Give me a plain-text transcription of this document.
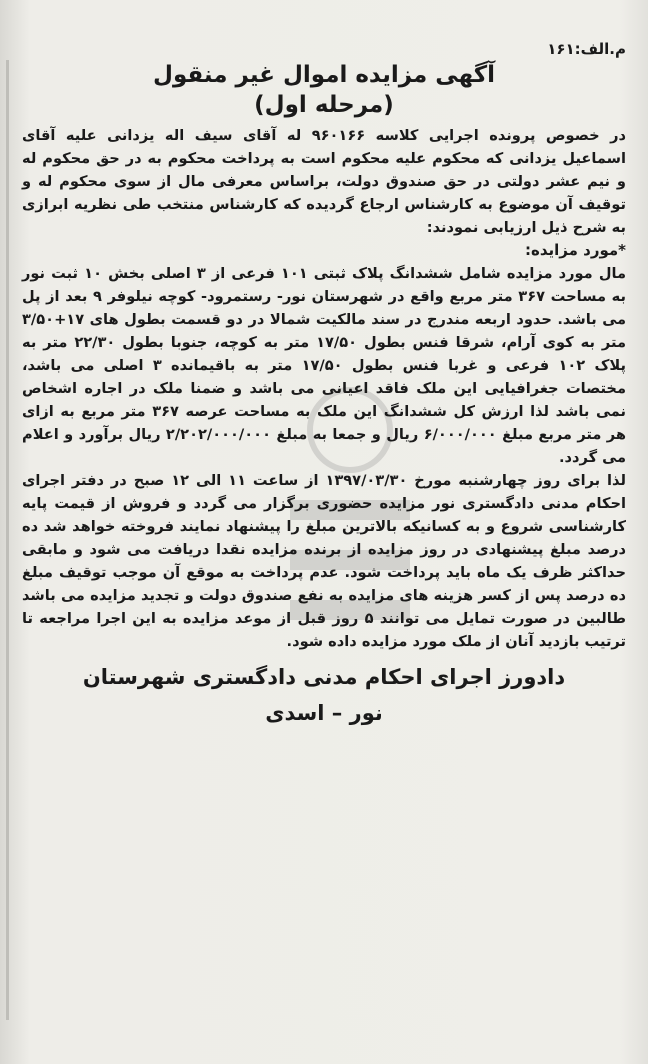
م.الف:۱۶۱
آگهی مزایده اموال غیر منقول
(مرحله اول)

در خصوص پرونده اجرایی کلاسه ۹۶۰۱۶۶ له آقای سیف اله یزدانی علیه آقای اسماعیل یزدانی که محکوم علیه محکوم است به پرداخت محکوم به در حق محکوم له و نیم عشر دولتی در حق صندوق دولت، براساس معرفی مال از سوی محکوم له و توقیف آن موضوع به کارشناس ارجاع گردیده که کارشناس منتخب طی نظریه ابرازی به شرح ذیل ارزیابی نمودند:

*مورد مزایده:

مال مورد مزایده شامل ششدانگ پلاک ثبتی ۱۰۱ فرعی از ۳ اصلی بخش ۱۰ ثبت نور به مساحت ۳۶۷ متر مربع واقع در شهرستان نور- رستمرود- کوچه نیلوفر ۹ بعد از پل می باشد. حدود اربعه مندرج در سند مالکیت شمالا در دو قسمت بطول های ۱۷+۳/۵۰ متر به کوی آرام، شرقا فنس بطول ۱۷/۵۰ متر به کوچه، جنوبا بطول ۲۲/۳۰ متر به پلاک ۱۰۲ فرعی و غربا فنس بطول ۱۷/۵۰ متر به باقیمانده ۳ اصلی می باشد، مختصات جغرافیایی این ملک فاقد اعیانی می باشد و ضمنا ملک در اجاره اشخاص نمی باشد لذا ارزش کل ششدانگ این ملک به مساحت عرصه ۳۶۷ متر مربع به ازای هر متر مربع مبلغ ۶/۰۰۰/۰۰۰ ریال و جمعا به مبلغ ۲/۲۰۲/۰۰۰/۰۰۰ ریال برآورد و اعلام می گردد.

لذا برای روز چهارشنبه مورخ ۱۳۹۷/۰۳/۳۰ از ساعت ۱۱ الی ۱۲ صبح در دفتر اجرای احکام مدنی دادگستری نور مزایده حضوری برگزار می گردد و فروش از قیمت پایه کارشناسی شروع و به کسانیکه بالاترین مبلغ را پیشنهاد نمایند فروخته خواهد شد ده درصد مبلغ پیشنهادی در روز مزایده از برنده مزایده نقدا دریافت می شود و مابقی حداکثر ظرف یک ماه باید پرداخت شود. عدم پرداخت به موقع آن موجب توقیف مبلغ ده درصد پس از کسر هزینه های مزایده به نفع صندوق دولت و تجدید مزایده می باشد طالبین در صورت تمایل می توانند ۵ روز قبل از موعد مزایده به این اجرا مراجعه تا ترتیب بازدید آنان از ملک مورد مزایده داده شود.

دادورز اجرای احکام مدنی دادگستری شهرستان
نور – اسدی
